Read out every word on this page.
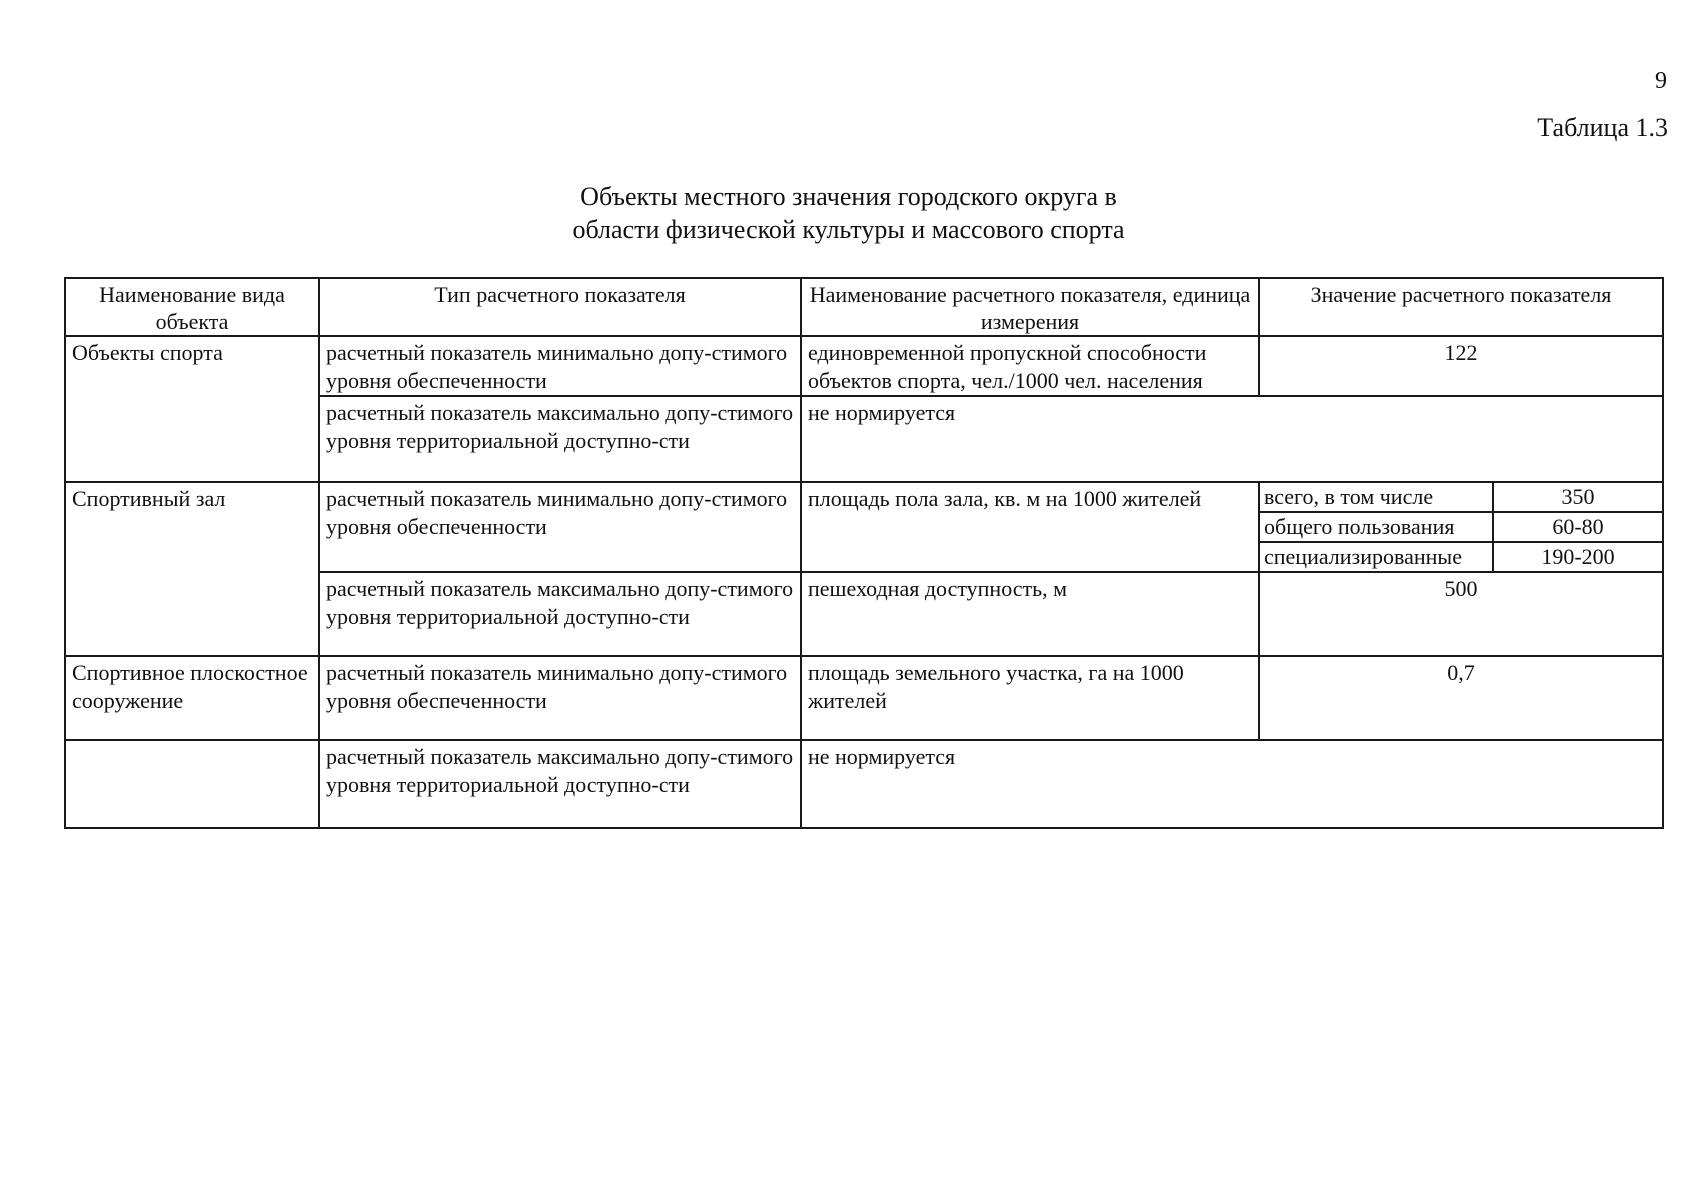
9
Таблица 1.3
Объекты местного значения городского округа в
области физической культуры и массового спорта
Наименование вида объекта	Тип расчетного показателя	Наименование расчетного показателя, единица измерения	Значение расчетного показателя
Объекты спорта	расчетный показатель минимально допу-стимого уровня обеспеченности	единовременной пропускной способности объектов спорта, чел./1000 чел. населения	122
расчетный показатель максимально допу-стимого уровня территориальной доступно-сти	не нормируется
Спортивный зал	расчетный показатель минимально допу-стимого уровня обеспеченности	площадь пола зала, кв. м на 1000 жителей		всего, в том числе	350
общего пользования	60-80
специализированные	190-200

расчетный показатель максимально допу-стимого уровня территориальной доступно-сти	пешеходная доступность, м	500
Спортивное плоскостное сооружение	расчетный показатель минимально допу-стимого уровня обеспеченности	площадь земельного участка, га на 1000 жителей	0,7
	расчетный показатель максимально допу-стимого уровня территориальной доступно-сти	не нормируется
